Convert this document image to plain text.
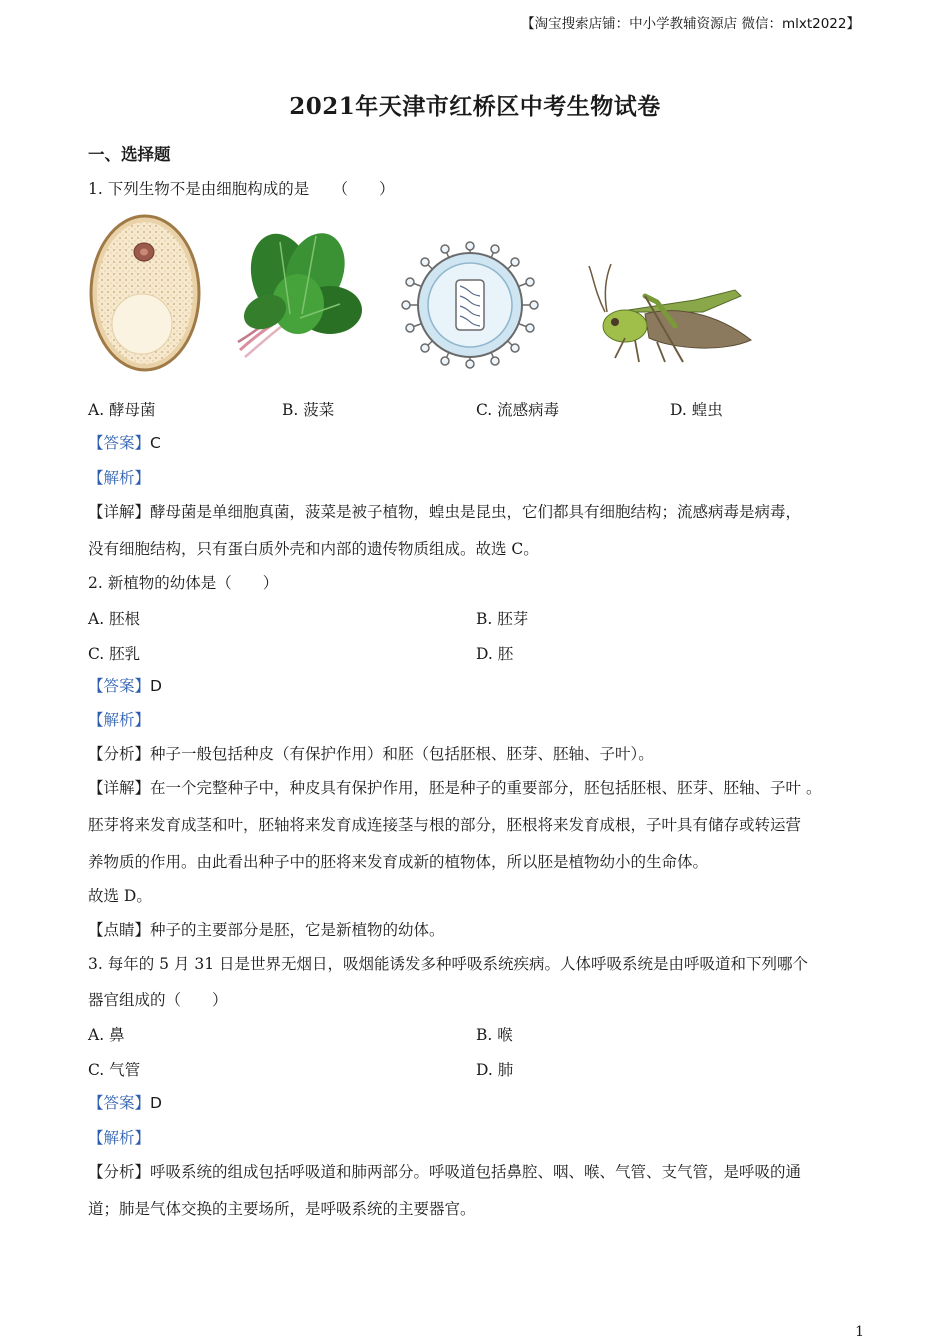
【淘宝搜索店铺：中小学教辅资源店 微信：mlxt2022】
2021年天津市红桥区中考生物试卷
一、选择题
1. 下列生物不是由细胞构成的是　　（　　）
A. 酵母菌	B. 菠菜	C. 流感病毒	D. 蝗虫
【答案】C
【解析】
【详解】酵母菌是单细胞真菌，菠菜是被子植物，蝗虫是昆虫，它们都具有细胞结构；流感病毒是病毒，
没有细胞结构，只有蛋白质外壳和内部的遗传物质组成。故选 C。
2. 新植物的幼体是（　　）
A. 胚根	B. 胚芽
C. 胚乳	D. 胚
【答案】D
【解析】
【分析】种子一般包括种皮（有保护作用）和胚（包括胚根、胚芽、胚轴、子叶）。
【详解】在一个完整种子中，种皮具有保护作用，胚是种子的重要部分，胚包括胚根、胚芽、胚轴、子叶 。
胚芽将来发育成茎和叶，胚轴将来发育成连接茎与根的部分，胚根将来发育成根，子叶具有储存或转运营
养物质的作用。由此看出种子中的胚将来发育成新的植物体，所以胚是植物幼小的生命体。
故选 D。
【点睛】种子的主要部分是胚，它是新植物的幼体。
3. 每年的 5 月 31 日是世界无烟日，吸烟能诱发多种呼吸系统疾病。人体呼吸系统是由呼吸道和下列哪个
器官组成的（　　）
A. 鼻	B. 喉
C. 气管	D. 肺
【答案】D
【解析】
【分析】呼吸系统的组成包括呼吸道和肺两部分。呼吸道包括鼻腔、咽、喉、气管、支气管，是呼吸的通
道；肺是气体交换的主要场所，是呼吸系统的主要器官。
1
